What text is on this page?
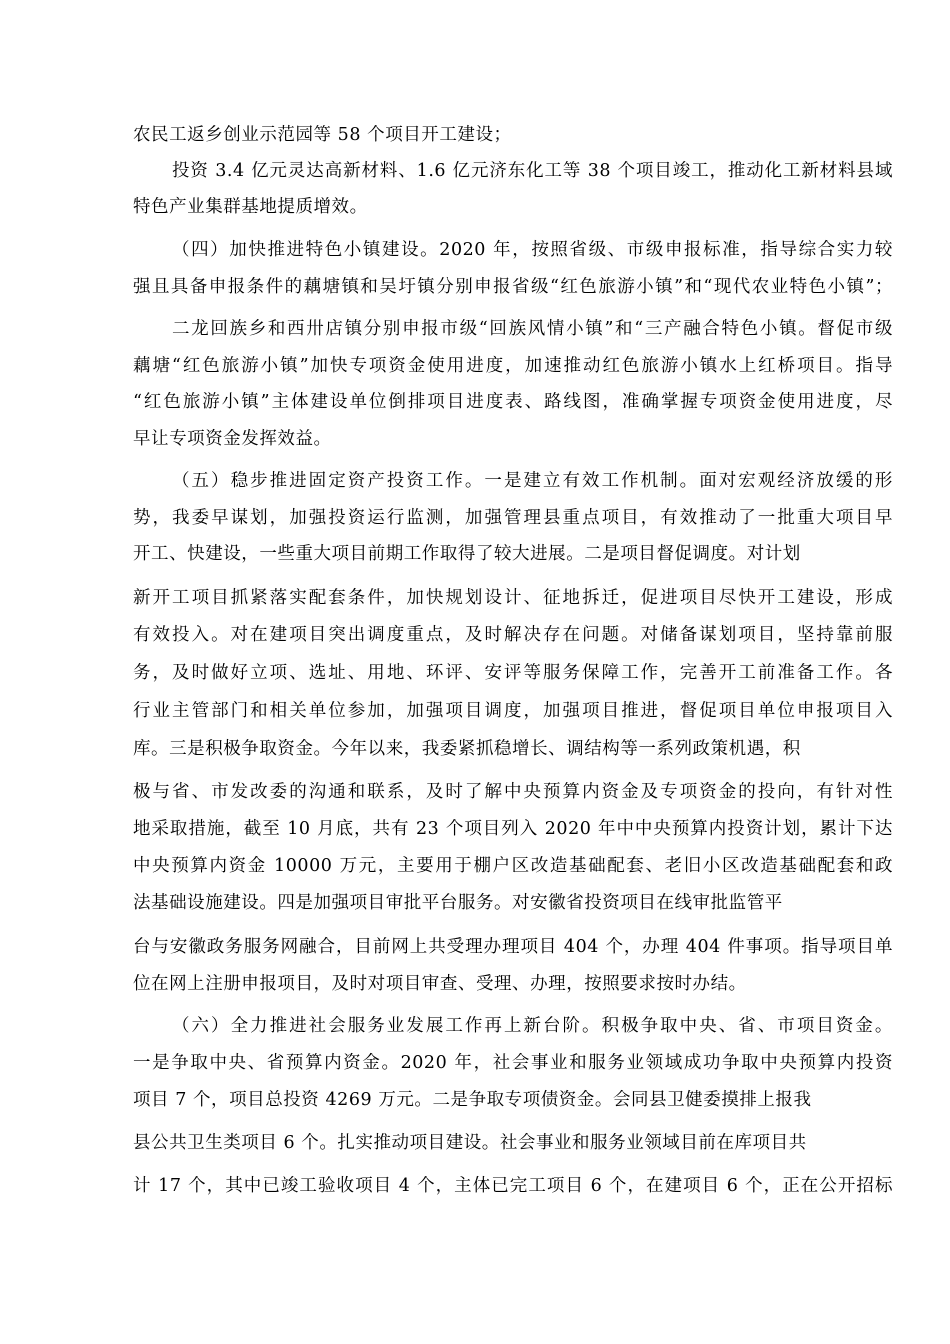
农民工返乡创业示范园等 58 个项目开工建设；
投资 3.4 亿元灵达高新材料、1.6 亿元济东化工等 38 个项目竣工，推动化工新材料县域
特色产业集群基地提质增效。
（四）加快推进特色小镇建设。2020 年，按照省级、市级申报标准，指导综合实力较
强且具备申报条件的藕塘镇和吴圩镇分别申报省级“红色旅游小镇”和“现代农业特色小镇”；
二龙回族乡和西卅店镇分别申报市级“回族风情小镇”和“三产融合特色小镇。督促市级
藕塘“红色旅游小镇”加快专项资金使用进度，加速推动红色旅游小镇水上红桥项目。指导
“红色旅游小镇”主体建设单位倒排项目进度表、路线图，准确掌握专项资金使用进度，尽
早让专项资金发挥效益。
（五）稳步推进固定资产投资工作。一是建立有效工作机制。面对宏观经济放缓的形
势，我委早谋划，加强投资运行监测，加强管理县重点项目，有效推动了一批重大项目早
开工、快建设，一些重大项目前期工作取得了较大进展。二是项目督促调度。对计划
新开工项目抓紧落实配套条件，加快规划设计、征地拆迁，促进项目尽快开工建设，形成
有效投入。对在建项目突出调度重点，及时解决存在问题。对储备谋划项目，坚持靠前服
务，及时做好立项、选址、用地、环评、安评等服务保障工作，完善开工前准备工作。各
行业主管部门和相关单位参加，加强项目调度，加强项目推进，督促项目单位申报项目入
库。三是积极争取资金。今年以来，我委紧抓稳增长、调结构等一系列政策机遇，积
极与省、市发改委的沟通和联系，及时了解中央预算内资金及专项资金的投向，有针对性
地采取措施，截至 10 月底，共有 23 个项目列入 2020 年中中央预算内投资计划，累计下达
中央预算内资金 10000 万元，主要用于棚户区改造基础配套、老旧小区改造基础配套和政
法基础设施建设。四是加强项目审批平台服务。对安徽省投资项目在线审批监管平
台与安徽政务服务网融合，目前网上共受理办理项目 404 个，办理 404 件事项。指导项目单
位在网上注册申报项目，及时对项目审查、受理、办理，按照要求按时办结。
（六）全力推进社会服务业发展工作再上新台阶。积极争取中央、省、市项目资金。
一是争取中央、省预算内资金。2020 年，社会事业和服务业领域成功争取中央预算内投资
项目 7 个，项目总投资 4269 万元。二是争取专项债资金。会同县卫健委摸排上报我
县公共卫生类项目 6 个。扎实推动项目建设。社会事业和服务业领域目前在库项目共
计 17 个，其中已竣工验收项目 4 个，主体已完工项目 6 个，在建项目 6 个，正在公开招标
